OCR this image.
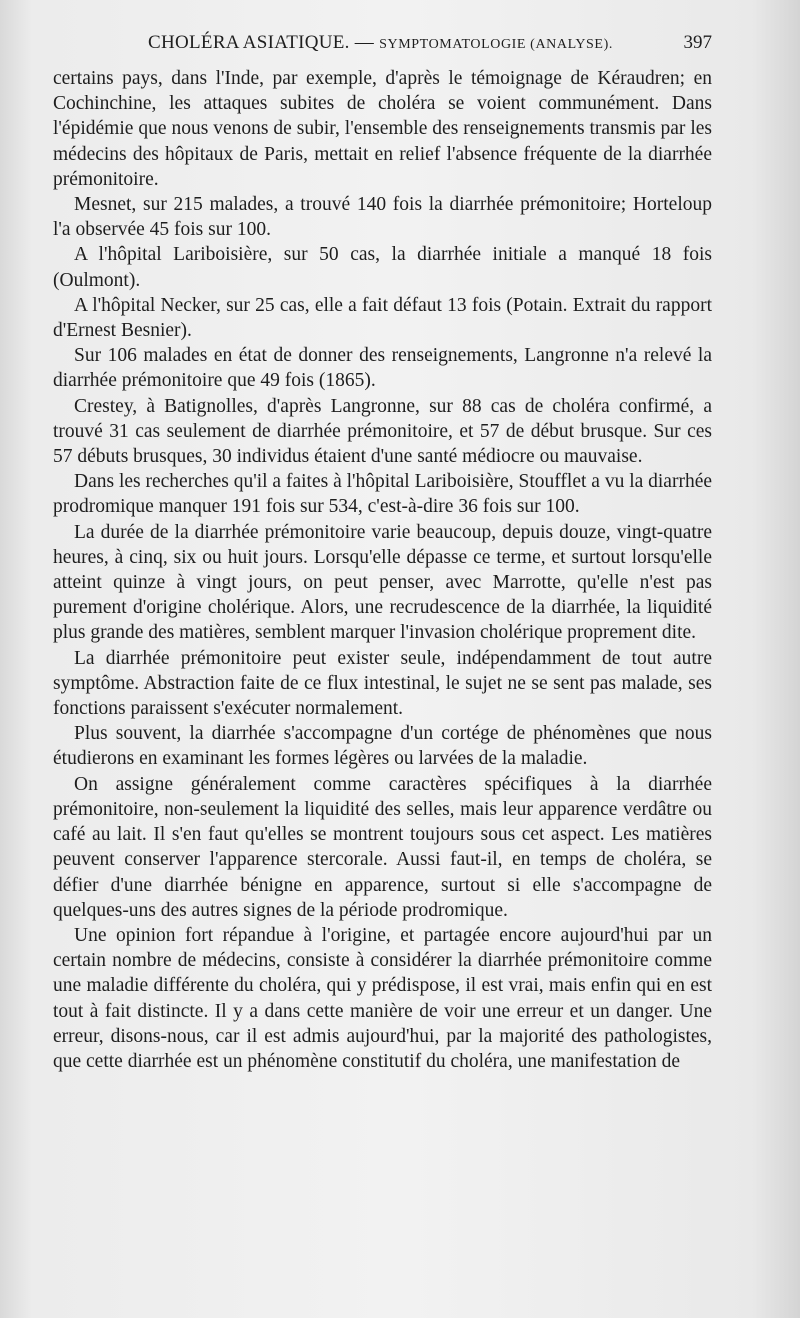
CHOLÉRA ASIATIQUE. — SYMPTOMATOLOGIE (ANALYSE).	397

certains pays, dans l'Inde, par exemple, d'après le témoignage de Kéraudren; en Cochinchine, les attaques subites de choléra se voient communément. Dans l'épidémie que nous venons de subir, l'ensemble des renseignements transmis par les médecins des hôpitaux de Paris, mettait en relief l'absence fréquente de la diarrhée prémonitoire.

Mesnet, sur 215 malades, a trouvé 140 fois la diarrhée prémonitoire; Horteloup l'a observée 45 fois sur 100.

A l'hôpital Lariboisière, sur 50 cas, la diarrhée initiale a manqué 18 fois (Oulmont).

A l'hôpital Necker, sur 25 cas, elle a fait défaut 13 fois (Potain. Extrait du rapport d'Ernest Besnier).

Sur 106 malades en état de donner des renseignements, Langronne n'a relevé la diarrhée prémonitoire que 49 fois (1865).

Crestey, à Batignolles, d'après Langronne, sur 88 cas de choléra confirmé, a trouvé 31 cas seulement de diarrhée prémonitoire, et 57 de début brusque. Sur ces 57 débuts brusques, 30 individus étaient d'une santé médiocre ou mauvaise.

Dans les recherches qu'il a faites à l'hôpital Lariboisière, Stoufflet a vu la diarrhée prodromique manquer 191 fois sur 534, c'est-à-dire 36 fois sur 100.

La durée de la diarrhée prémonitoire varie beaucoup, depuis douze, vingt-quatre heures, à cinq, six ou huit jours. Lorsqu'elle dépasse ce terme, et surtout lorsqu'elle atteint quinze à vingt jours, on peut penser, avec Marrotte, qu'elle n'est pas purement d'origine cholérique. Alors, une recrudescence de la diarrhée, la liquidité plus grande des matières, semblent marquer l'invasion cholérique proprement dite.

La diarrhée prémonitoire peut exister seule, indépendamment de tout autre symptôme. Abstraction faite de ce flux intestinal, le sujet ne se sent pas malade, ses fonctions paraissent s'exécuter normalement.

Plus souvent, la diarrhée s'accompagne d'un cortége de phénomènes que nous étudierons en examinant les formes légères ou larvées de la maladie.

On assigne généralement comme caractères spécifiques à la diarrhée prémonitoire, non-seulement la liquidité des selles, mais leur apparence verdâtre ou café au lait. Il s'en faut qu'elles se montrent toujours sous cet aspect. Les matières peuvent conserver l'apparence stercorale. Aussi faut-il, en temps de choléra, se défier d'une diarrhée bénigne en apparence, surtout si elle s'accompagne de quelques-uns des autres signes de la période prodromique.

Une opinion fort répandue à l'origine, et partagée encore aujourd'hui par un certain nombre de médecins, consiste à considérer la diarrhée prémonitoire comme une maladie différente du choléra, qui y prédispose, il est vrai, mais enfin qui en est tout à fait distincte. Il y a dans cette manière de voir une erreur et un danger. Une erreur, disons-nous, car il est admis aujourd'hui, par la majorité des pathologistes, que cette diarrhée est un phénomène constitutif du choléra, une manifestation de
